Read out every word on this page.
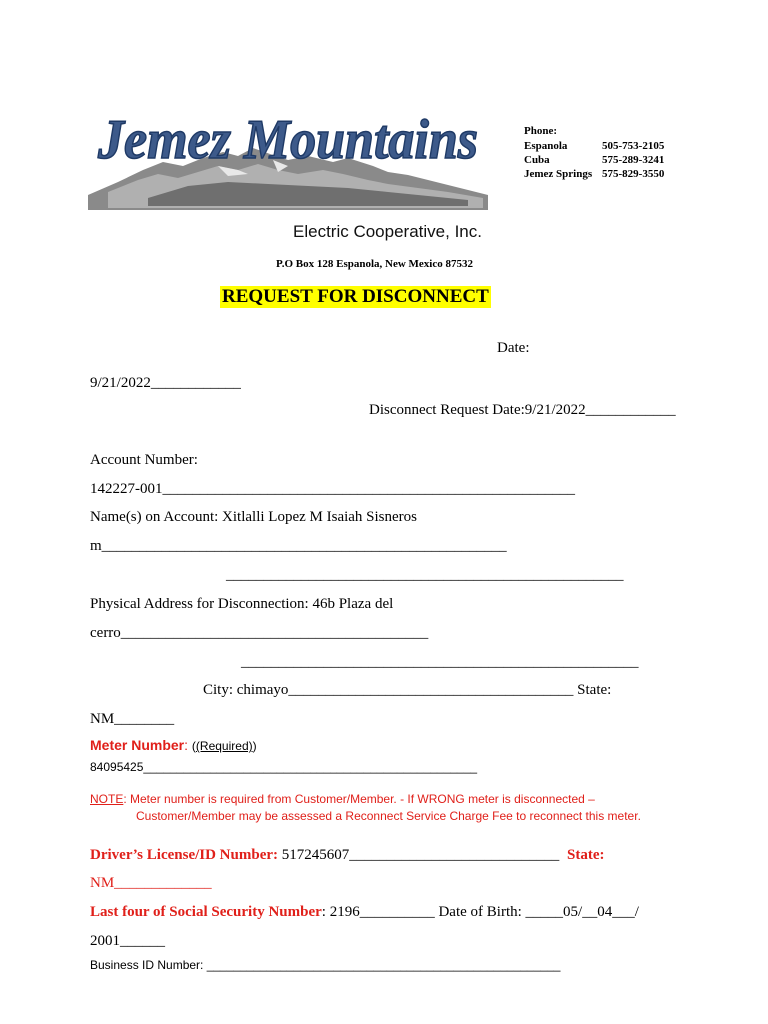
Jemez Mountains
Electric Cooperative, Inc.
Phone:
Espanola	505-753-2105
Cuba	575-289-3241
Jemez Springs 575-829-3550
P.O Box 128 Espanola, New Mexico 87532
REQUEST FOR DISCONNECT
Date:
9/21/2022____________
Disconnect Request Date:9/21/2022____________
Account Number:
142227-001_______________________________________________________
Name(s) on Account: Xitlalli Lopez M Isaiah Sisneros
m______________________________________________________
_____________________________________________________
Physical Address for Disconnection: 46b Plaza del
cerro_________________________________________
_____________________________________________________
City: chimayo______________________________________ State:
NM________
Meter Number: ((Required))
84095425__________________________________________________
NOTE: Meter number is required from Customer/Member. - If WRONG meter is disconnected –
Customer/Member may be assessed a Reconnect Service Charge Fee to reconnect this meter.
Driver’s License/ID Number: 517245607____________________________ State:
NM_____________
Last four of Social Security Number: 2196__________ Date of Birth: _____05/__04___/
2001______
Business ID Number: _____________________________________________________
